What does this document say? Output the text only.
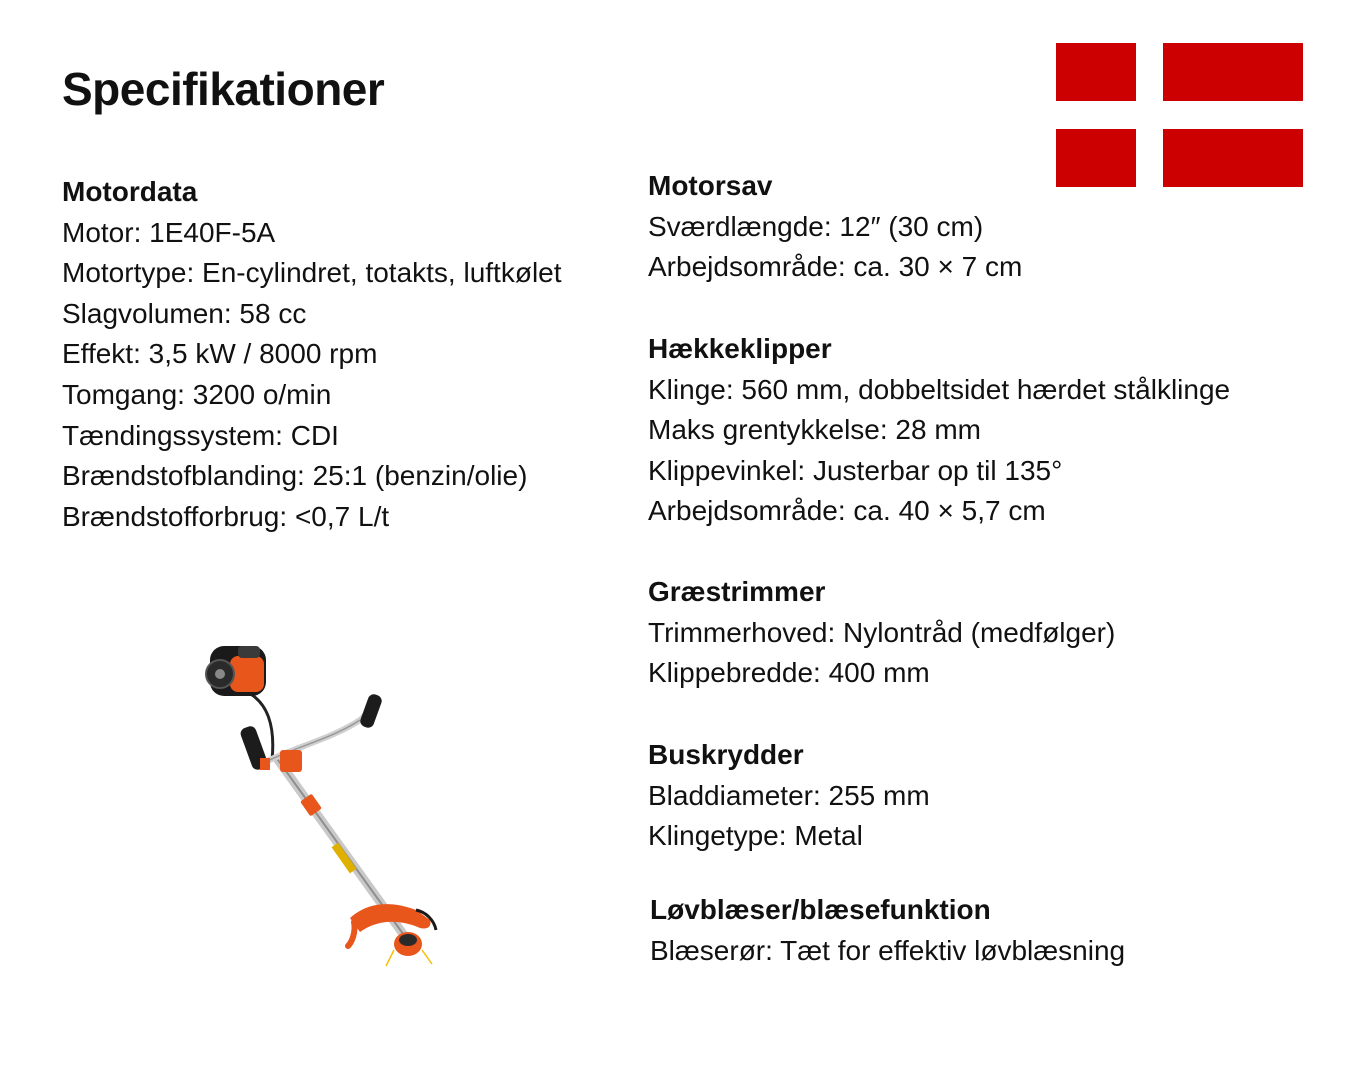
Specifikationer
Motordata
Motor: 1E40F-5A
Motortype: En-cylindret, totakts, luftkølet
Slagvolumen: 58 cc
Effekt: 3,5 kW / 8000 rpm
Tomgang: 3200 o/min
Tændingssystem: CDI
Brændstofblanding: 25:1 (benzin/olie)
Brændstofforbrug: <0,7 L/t
Motorsav
Sværdlængde: 12″ (30 cm)
Arbejdsområde: ca. 30 × 7 cm
Hækkeklipper
Klinge: 560 mm, dobbeltsidet hærdet stålklinge
Maks grentykkelse: 28 mm
Klippevinkel: Justerbar op til 135°
Arbejdsområde: ca. 40 × 5,7 cm
Græstrimmer
Trimmerhoved: Nylontråd (medfølger)
Klippebredde: 400 mm
Buskrydder
Bladdiameter: 255 mm
Klingetype: Metal
Løvblæser/blæsefunktion
Blæserør: Tæt for effektiv løvblæsning
